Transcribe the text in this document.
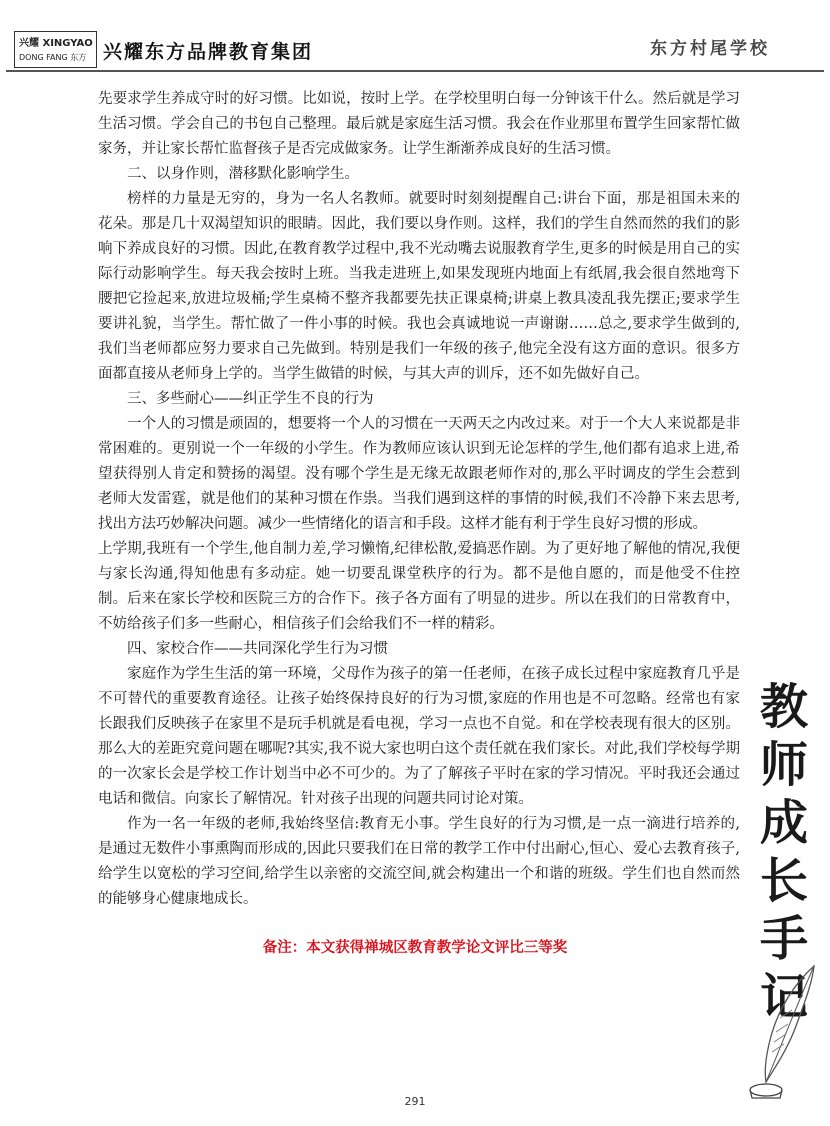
兴耀 XINGYAO
DONG FANG 东方 兴耀东方品牌教育集团	东方村尾学校

先要求学生养成守时的好习惯。比如说，按时上学。在学校里明白每一分钟该干什么。然后就是学习生活习惯。学会自己的书包自己整理。最后就是家庭生活习惯。我会在作业那里布置学生回家帮忙做家务，并让家长帮忙监督孩子是否完成做家务。让学生渐渐养成良好的生活习惯。

二、以身作则，潜移默化影响学生。

榜样的力量是无穷的，身为一名人名教师。就要时时刻刻提醒自己:讲台下面，那是祖国未来的花朵。那是几十双渴望知识的眼睛。因此，我们要以身作则。这样，我们的学生自然而然的我们的影响下养成良好的习惯。因此,在教育教学过程中,我不光动嘴去说服教育学生,更多的时候是用自己的实际行动影响学生。每天我会按时上班。当我走进班上,如果发现班内地面上有纸屑,我会很自然地弯下腰把它捡起来,放进垃圾桶;学生桌椅不整齐我都要先扶正课桌椅;讲桌上教具凌乱我先摆正;要求学生要讲礼貌，当学生。帮忙做了一件小事的时候。我也会真诚地说一声谢谢……总之,要求学生做到的,我们当老师都应努力要求自己先做到。特别是我们一年级的孩子,他完全没有这方面的意识。很多方面都直接从老师身上学的。当学生做错的时候，与其大声的训斥，还不如先做好自己。

三、多些耐心——纠正学生不良的行为

一个人的习惯是顽固的，想要将一个人的习惯在一天两天之内改过来。对于一个大人来说都是非常困难的。更别说一个一年级的小学生。作为教师应该认识到无论怎样的学生,他们都有追求上进,希望获得别人肯定和赞扬的渴望。没有哪个学生是无缘无故跟老师作对的,那么平时调皮的学生会惹到老师大发雷霆，就是他们的某种习惯在作祟。当我们遇到这样的事情的时候,我们不冷静下来去思考,找出方法巧妙解决问题。减少一些情绪化的语言和手段。这样才能有利于学生良好习惯的形成。

上学期,我班有一个学生,他自制力差,学习懒惰,纪律松散,爱搞恶作剧。为了更好地了解他的情况,我便与家长沟通,得知他患有多动症。她一切要乱课堂秩序的行为。都不是他自愿的，而是他受不住控制。后来在家长学校和医院三方的合作下。孩子各方面有了明显的进步。所以在我们的日常教育中，不妨给孩子们多一些耐心，相信孩子们会给我们不一样的精彩。

四、家校合作——共同深化学生行为习惯

家庭作为学生生活的第一环境，父母作为孩子的第一任老师，在孩子成长过程中家庭教育几乎是不可替代的重要教育途径。让孩子始终保持良好的行为习惯,家庭的作用也是不可忽略。经常也有家长跟我们反映孩子在家里不是玩手机就是看电视，学习一点也不自觉。和在学校表现有很大的区别。那么大的差距究竟问题在哪呢?其实,我不说大家也明白这个责任就在我们家长。对此,我们学校每学期的一次家长会是学校工作计划当中必不可少的。为了了解孩子平时在家的学习情况。平时我还会通过电话和微信。向家长了解情况。针对孩子出现的问题共同讨论对策。

作为一名一年级的老师,我始终坚信:教育无小事。学生良好的行为习惯,是一点一滴进行培养的,是通过无数件小事熏陶而形成的,因此只要我们在日常的教学工作中付出耐心,恒心、爱心去教育孩子,给学生以宽松的学习空间,给学生以亲密的交流空间,就会构建出一个和谐的班级。学生们也自然而然的能够身心健康地成长。

备注：本文获得禅城区教育教学论文评比三等奖
教
师
成
长
手
记
291
